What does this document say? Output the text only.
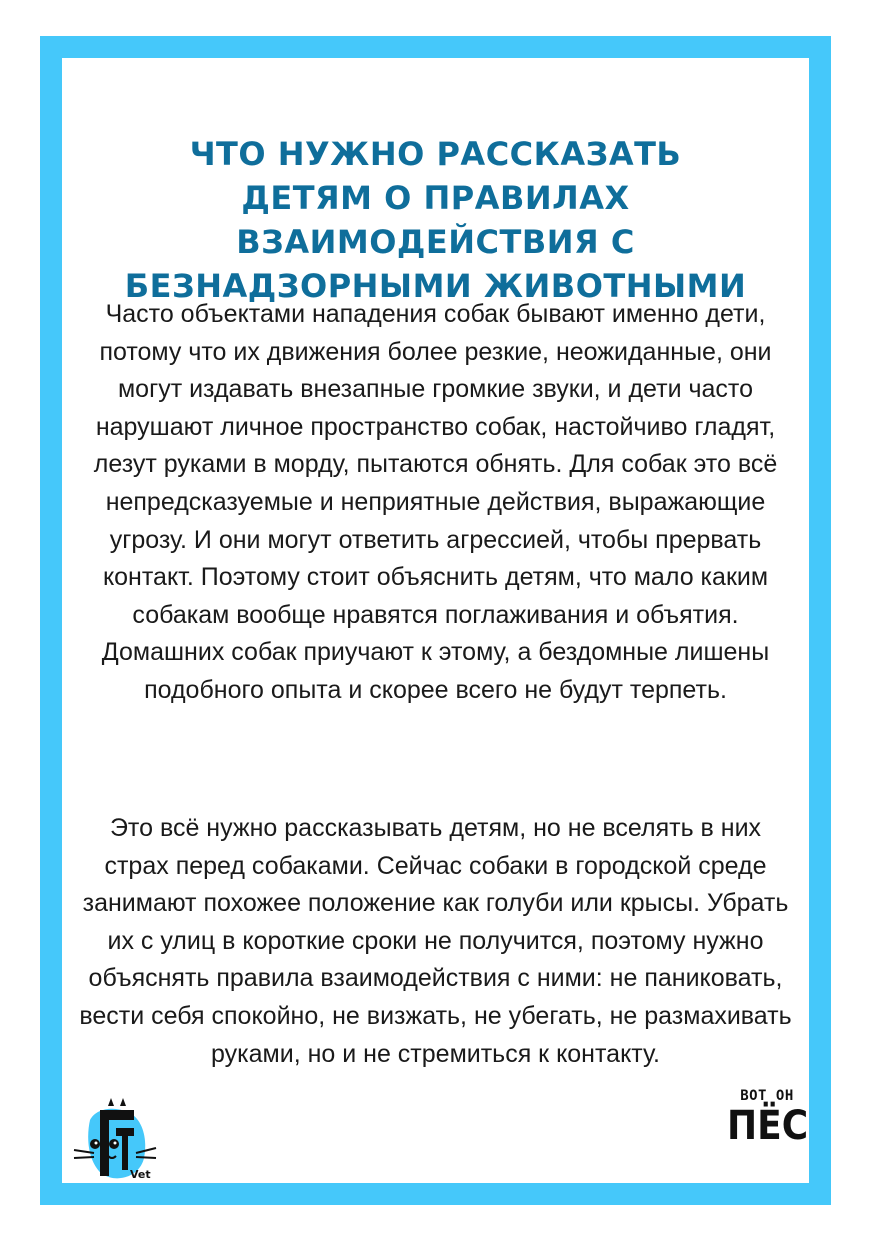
ЧТО НУЖНО РАССКАЗАТЬ ДЕТЯМ О ПРАВИЛАХ ВЗАИМОДЕЙСТВИЯ С БЕЗНАДЗОРНЫМИ ЖИВОТНЫМИ
Часто объектами нападения собак бывают именно дети, потому что их движения более резкие, неожиданные, они могут издавать внезапные громкие звуки, и дети часто нарушают личное пространство собак, настойчиво гладят, лезут руками в морду, пытаются обнять. Для собак это всё непредсказуемые и неприятные действия, выражающие угрозу. И они могут ответить агрессией, чтобы прервать контакт. Поэтому стоит объяснить детям, что мало каким собакам вообще нравятся поглаживания и объятия. Домашних собак приучают к этому, а бездомные лишены подобного опыта и скорее всего не будут терпеть.
Это всё нужно рассказывать детям, но не вселять в них страх перед собаками. Сейчас собаки в городской среде занимают похожее положение как голуби или крысы. Убрать их с улиц в короткие сроки не получится, поэтому нужно объяснять правила взаимодействия с ними: не паниковать, вести себя спокойно, не визжать, не убегать, не размахивать руками, но и не стремиться к контакту.
Vet
ВОТ ОН
ПЁС
